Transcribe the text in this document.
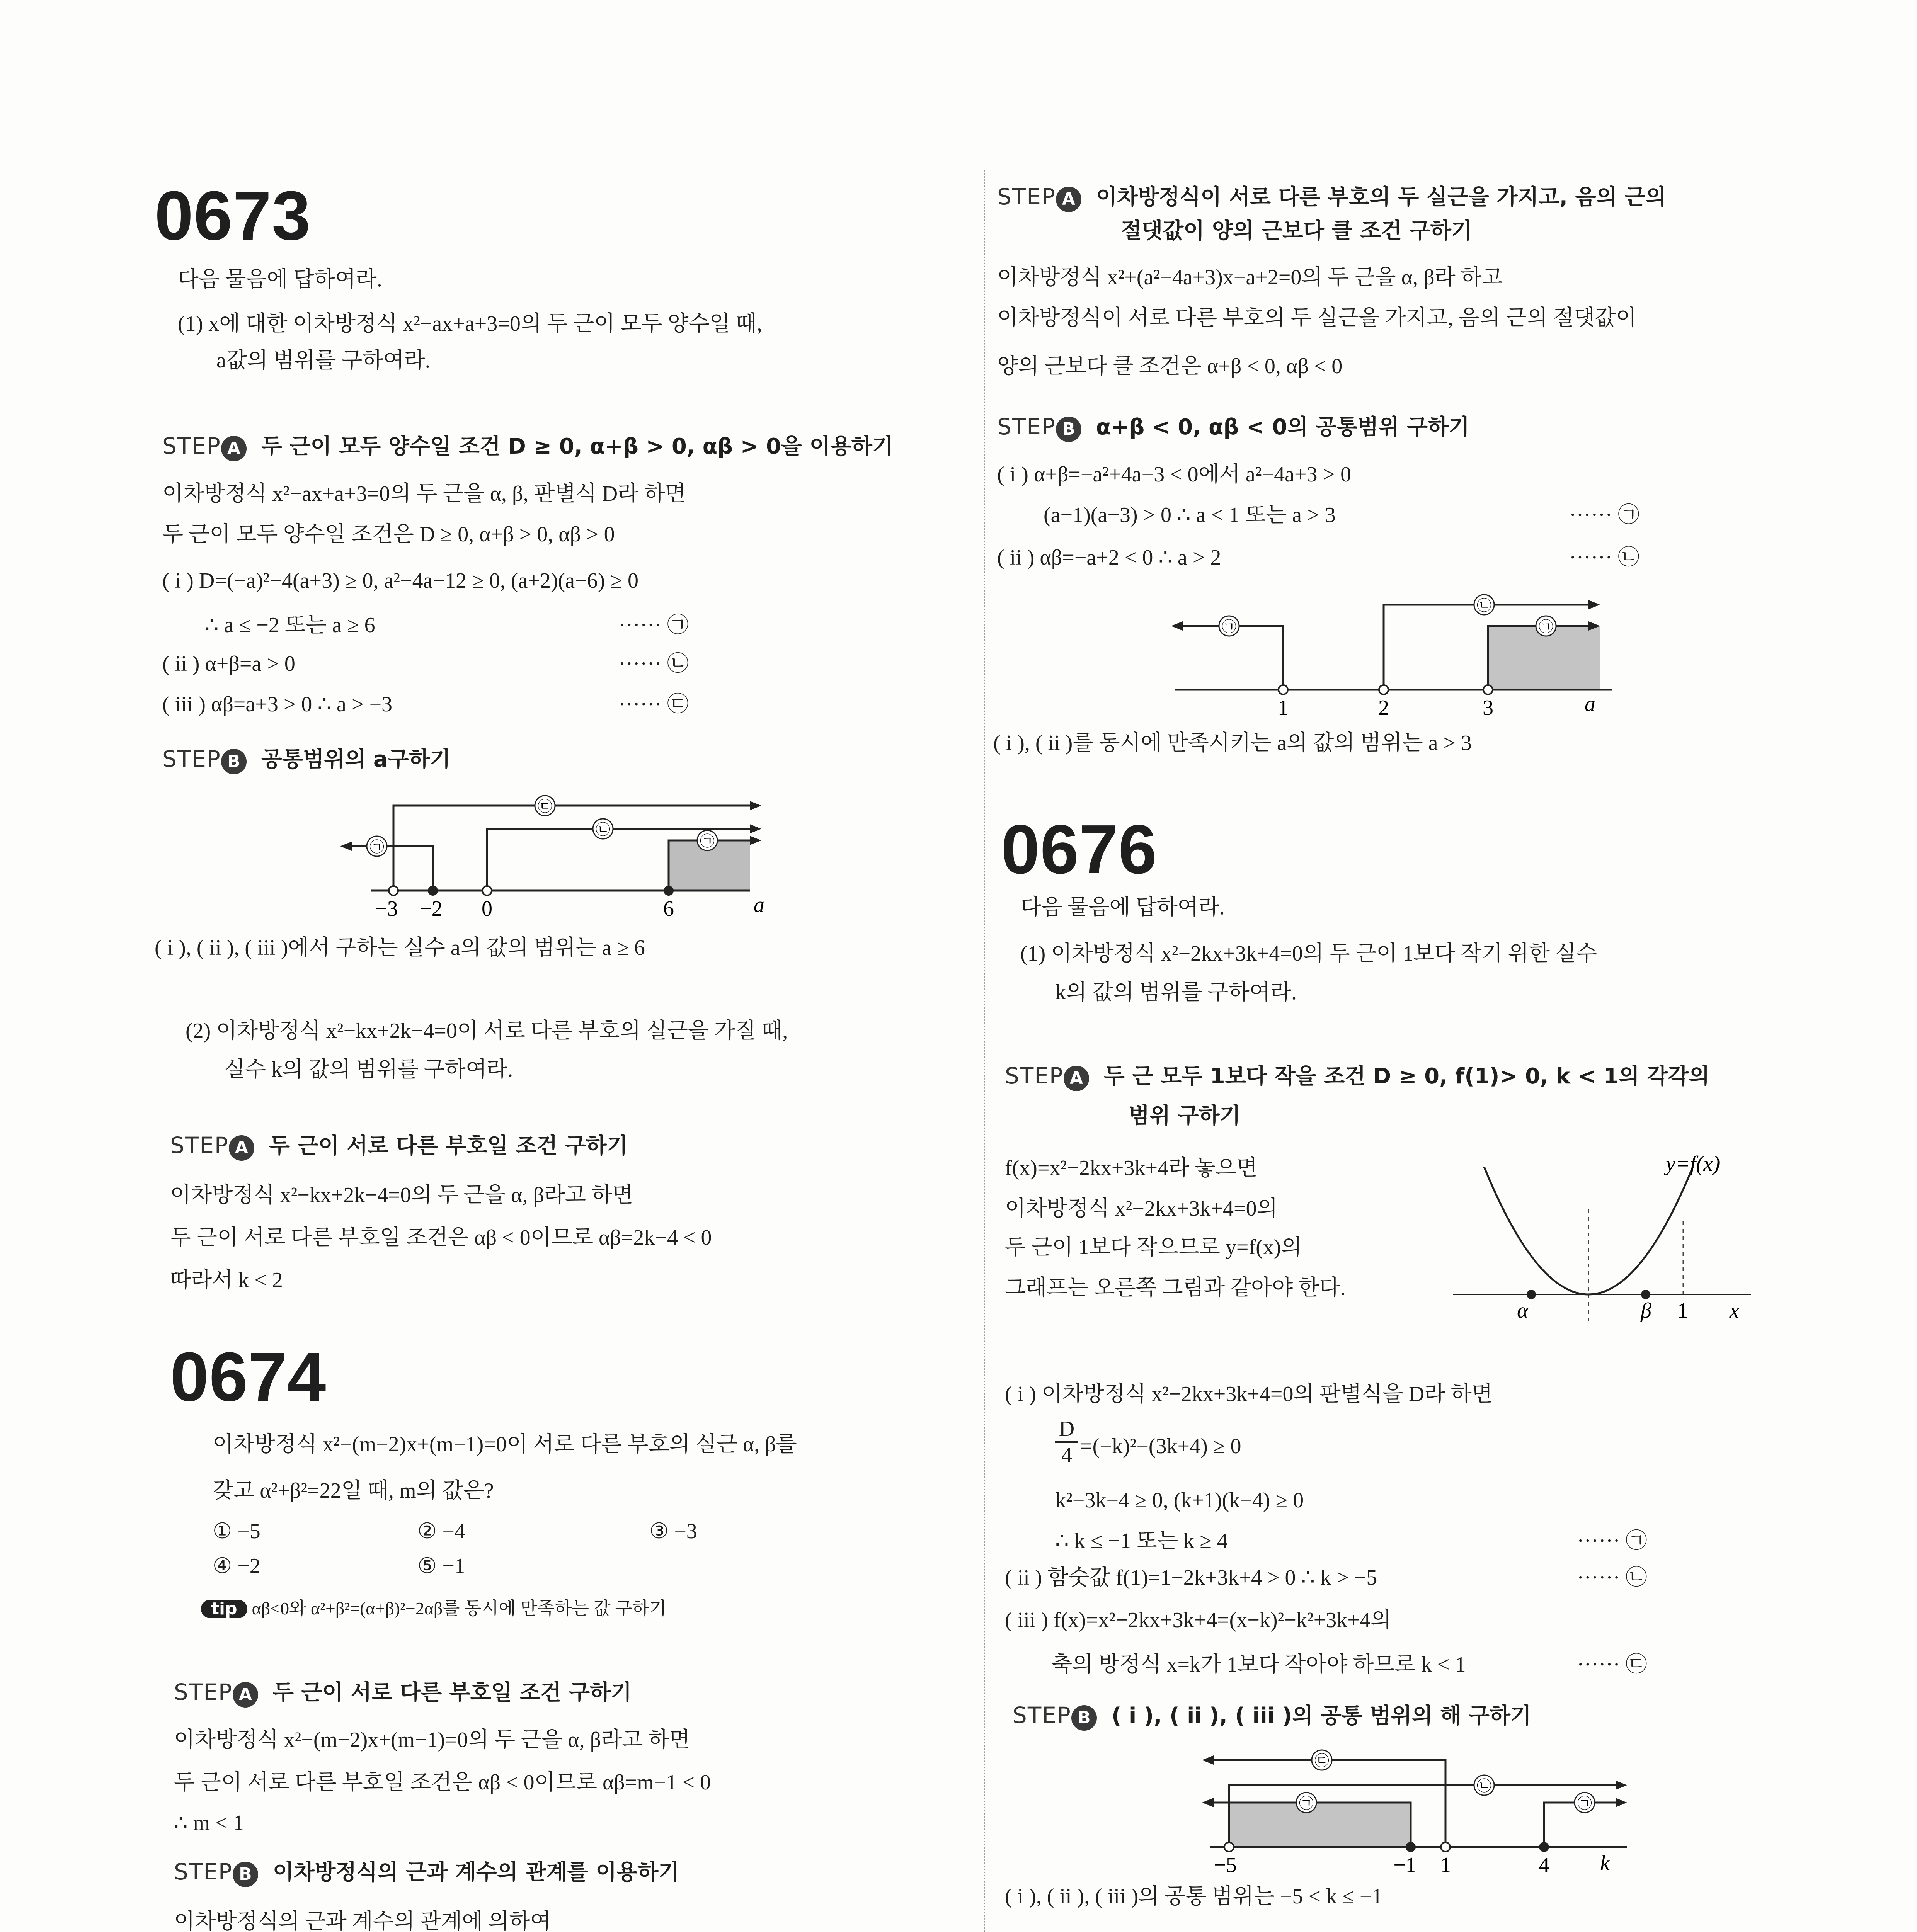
0673
다음 물음에 답하여라.
(1) x에 대한 이차방정식 x²−ax+a+3=0의 두 근이 모두 양수일 때,
a값의 범위를 구하여라.
STEP A 두 근이 모두 양수일 조건 D ≥ 0, α+β > 0, αβ > 0을 이용하기
이차방정식 x²−ax+a+3=0의 두 근을 α, β, 판별식 D라 하면
두 근이 모두 양수일 조건은 D ≥ 0, α+β > 0, αβ > 0
( i ) D=(−a)²−4(a+3) ≥ 0, a²−4a−12 ≥ 0, (a+2)(a−6) ≥ 0
∴ a ≤ −2 또는 a ≥ 6	······ ㉠
( ii ) α+β=a > 0	······ ㉡
( iii ) αβ=a+3 > 0 ∴ a > −3	······ ㉢
STEP B 공통범위의 a구하기
㉢
㉡
㉠
㉠
−3 −2 0	6	a
( i ), ( ii ), ( iii )에서 구하는 실수 a의 값의 범위는 a ≥ 6
(2) 이차방정식 x²−kx+2k−4=0이 서로 다른 부호의 실근을 가질 때,
실수 k의 값의 범위를 구하여라.
STEP A 두 근이 서로 다른 부호일 조건 구하기
이차방정식 x²−kx+2k−4=0의 두 근을 α, β라고 하면
두 근이 서로 다른 부호일 조건은 αβ < 0이므로 αβ=2k−4 < 0
따라서 k < 2
0674
이차방정식 x²−(m−2)x+(m−1)=0이 서로 다른 부호의 실근 α, β를
갖고 α²+β²=22일 때, m의 값은?
① −5	② −4	③ −3
④ −2	⑤ −1
tip αβ<0와 α²+β²=(α+β)²−2αβ를 동시에 만족하는 값 구하기
STEP A 두 근이 서로 다른 부호일 조건 구하기
이차방정식 x²−(m−2)x+(m−1)=0의 두 근을 α, β라고 하면
두 근이 서로 다른 부호일 조건은 αβ < 0이므로 αβ=m−1 < 0
∴ m < 1
STEP B 이차방정식의 근과 계수의 관계를 이용하기
이차방정식의 근과 계수의 관계에 의하여
STEP A 이차방정식이 서로 다른 부호의 두 실근을 가지고, 음의 근의
절댓값이 양의 근보다 클 조건 구하기
이차방정식 x²+(a²−4a+3)x−a+2=0의 두 근을 α, β라 하고
이차방정식이 서로 다른 부호의 두 실근을 가지고, 음의 근의 절댓값이
양의 근보다 클 조건은 α+β < 0, αβ < 0
STEP B α+β < 0, αβ < 0의 공통범위 구하기
( i ) α+β=−a²+4a−3 < 0에서 a²−4a+3 > 0
(a−1)(a−3) > 0 ∴ a < 1 또는 a > 3	······ ㉠
( ii ) αβ=−a+2 < 0 ∴ a > 2	······ ㉡
㉠
㉡
㉠
1	2	3	a
( i ), ( ii )를 동시에 만족시키는 a의 값의 범위는 a > 3
0676
다음 물음에 답하여라.
(1) 이차방정식 x²−2kx+3k+4=0의 두 근이 1보다 작기 위한 실수
k의 값의 범위를 구하여라.
STEP A 두 근 모두 1보다 작을 조건 D ≥ 0, f(1)> 0, k < 1의 각각의
범위 구하기
f(x)=x²−2kx+3k+4라 놓으면
이차방정식 x²−2kx+3k+4=0의
두 근이 1보다 작으므로 y=f(x)의
그래프는 오른쪽 그림과 같아야 한다.
y=f(x)
α	β 1 x
( i ) 이차방정식 x²−2kx+3k+4=0의 판별식을 D라 하면
D
4 =(−k)²−(3k+4) ≥ 0
k²−3k−4 ≥ 0, (k+1)(k−4) ≥ 0
∴ k ≤ −1 또는 k ≥ 4	······ ㉠
( ii ) 함숫값 f(1)=1−2k+3k+4 > 0 ∴ k > −5	······ ㉡
( iii ) f(x)=x²−2kx+3k+4=(x−k)²−k²+3k+4의
축의 방정식 x=k가 1보다 작아야 하므로 k < 1	······ ㉢
STEP B ( i ), ( ii ), ( iii )의 공통 범위의 해 구하기
㉢
㉡
㉠	㉠
−5	−1 1	4 k
( i ), ( ii ), ( iii )의 공통 범위는 −5 < k ≤ −1
